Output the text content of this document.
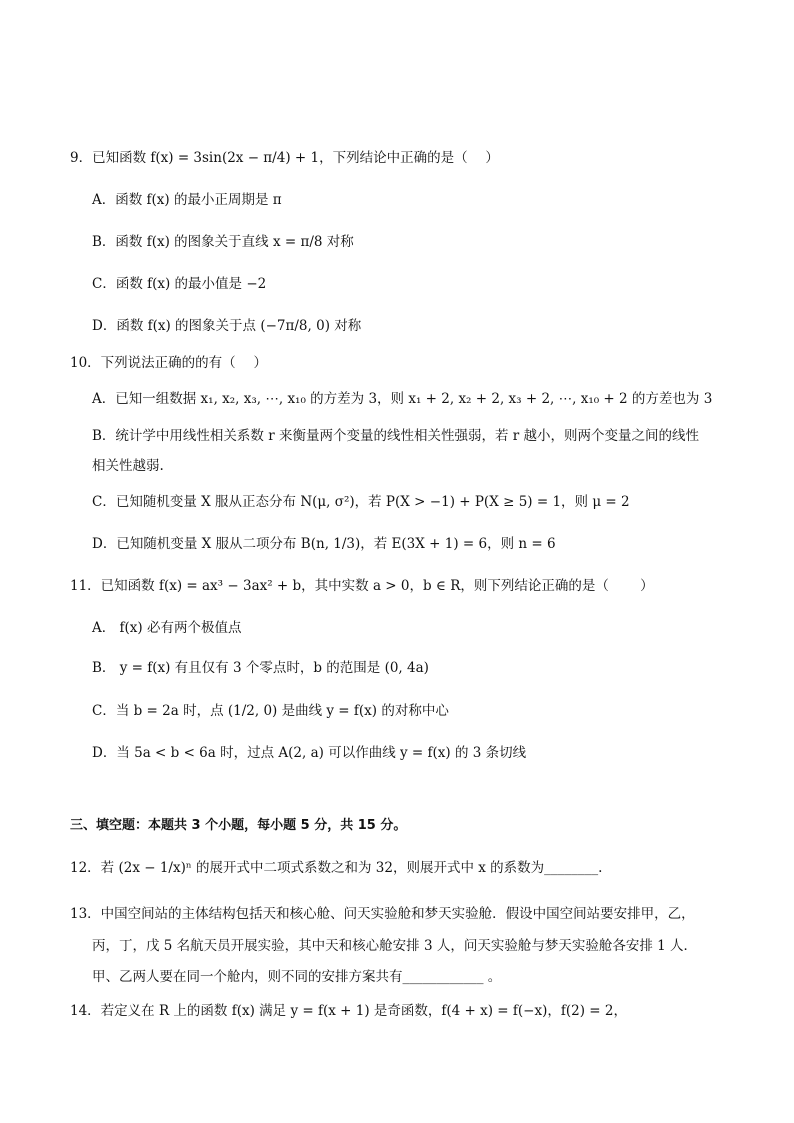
9．已知函数 f(x) = 3sin(2x − π/4) + 1，下列结论中正确的是（　 ）
A．函数 f(x) 的最小正周期是 π
B．函数 f(x) 的图象关于直线 x = π/8 对称
C．函数 f(x) 的最小值是 −2
D．函数 f(x) 的图象关于点 (−7π/8, 0) 对称
10．下列说法正确的的有（　 ）
A．已知一组数据 x₁, x₂, x₃, ⋯, x₁₀ 的方差为 3，则 x₁ + 2, x₂ + 2, x₃ + 2, ⋯, x₁₀ + 2 的方差也为 3
B．统计学中用线性相关系数 r 来衡量两个变量的线性相关性强弱，若 r 越小，则两个变量之间的线性
相关性越弱.
C．已知随机变量 X 服从正态分布 N(μ, σ²)，若 P(X > −1) + P(X ≥ 5) = 1，则 μ = 2
D．已知随机变量 X 服从二项分布 B(n, 1/3)，若 E(3X + 1) = 6，则 n = 6
11．已知函数 f(x) = ax³ − 3ax² + b，其中实数 a > 0，b ∈ R，则下列结论正确的是（　　 ）
A． f(x) 必有两个极值点
B． y = f(x) 有且仅有 3 个零点时，b 的范围是 (0, 4a)
C．当 b = 2a 时，点 (1/2, 0) 是曲线 y = f(x) 的对称中心
D．当 5a < b < 6a 时，过点 A(2, a) 可以作曲线 y = f(x) 的 3 条切线
三、填空题：本题共 3 个小题，每小题 5 分，共 15 分。
12．若 (2x − 1/x)ⁿ 的展开式中二项式系数之和为 32，则展开式中 x 的系数为________.
13．中国空间站的主体结构包括天和核心舱、问天实验舱和梦天实验舱．假设中国空间站要安排甲，乙，
丙，丁，戊 5 名航天员开展实验，其中天和核心舱安排 3 人，问天实验舱与梦天实验舱各安排 1 人．
甲、乙两人要在同一个舱内，则不同的安排方案共有____________ 。
14．若定义在 R 上的函数 f(x) 满足 y = f(x + 1) 是奇函数，f(4 + x) = f(−x)，f(2) = 2，
